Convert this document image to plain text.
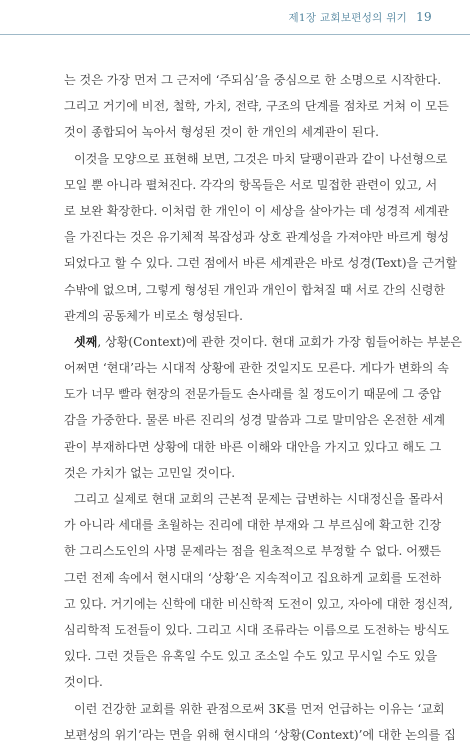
제1장 교회보편성의 위기 19
는 것은 가장 먼저 그 근저에 ‘주되심’을 중심으로 한 소명으로 시작한다.
그리고 거기에 비전, 철학, 가치, 전략, 구조의 단계를 점차로 거쳐 이 모든
것이 종합되어 녹아서 형성된 것이 한 개인의 세계관이 된다.
이것을 모양으로 표현해 보면, 그것은 마치 달팽이관과 같이 나선형으로
모일 뿐 아니라 펼쳐진다. 각각의 항목들은 서로 밀접한 관련이 있고, 서
로 보완 확장한다. 이처럼 한 개인이 이 세상을 살아가는 데 성경적 세계관
을 가진다는 것은 유기체적 복잡성과 상호 관계성을 가져야만 바르게 형성
되었다고 할 수 있다. 그런 점에서 바른 세계관은 바로 성경(Text)을 근거할
수밖에 없으며, 그렇게 형성된 개인과 개인이 합쳐질 때 서로 간의 신령한
관계의 공동체가 비로소 형성된다.
셋째, 상황(Context)에 관한 것이다. 현대 교회가 가장 힘들어하는 부분은
어쩌면 ‘현대’라는 시대적 상황에 관한 것일지도 모른다. 게다가 변화의 속
도가 너무 빨라 현장의 전문가들도 손사래를 칠 정도이기 때문에 그 중압
감을 가중한다. 물론 바른 진리의 성경 말씀과 그로 말미암은 온전한 세계
관이 부재하다면 상황에 대한 바른 이해와 대안을 가지고 있다고 해도 그
것은 가치가 없는 고민일 것이다.
그리고 실제로 현대 교회의 근본적 문제는 급변하는 시대정신을 몰라서
가 아니라 세대를 초월하는 진리에 대한 부재와 그 부르심에 확고한 긴장
한 그리스도인의 사명 문제라는 점을 원초적으로 부정할 수 없다. 어쨌든
그런 전제 속에서 현시대의 ‘상황’은 지속적이고 집요하게 교회를 도전하
고 있다. 거기에는 신학에 대한 비신학적 도전이 있고, 자아에 대한 정신적,
심리학적 도전들이 있다. 그리고 시대 조류라는 이름으로 도전하는 방식도
있다. 그런 것들은 유혹일 수도 있고 조소일 수도 있고 무시일 수도 있을
것이다.
이런 건강한 교회를 위한 관점으로써 3K를 먼저 언급하는 이유는 ‘교회
보편성의 위기’라는 면을 위해 현시대의 ‘상황(Context)’에 대한 논의를 집
